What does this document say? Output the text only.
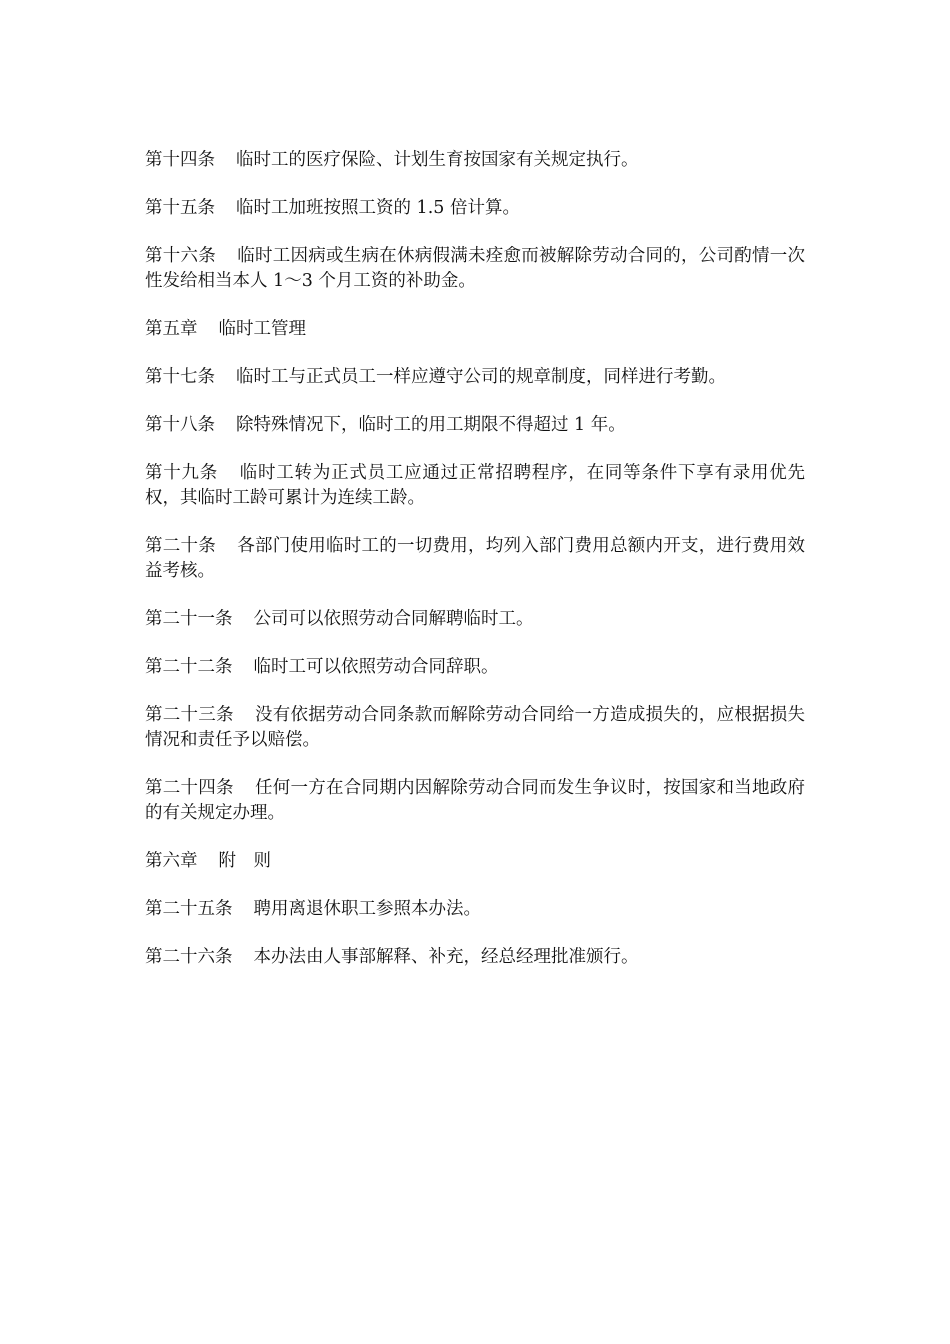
第十四条 临时工的医疗保险、计划生育按国家有关规定执行。

第十五条 临时工加班按照工资的 1.5 倍计算。

第十六条 临时工因病或生病在休病假满未痊愈而被解除劳动合同的，公司酌情一次性发给相当本人 1～3 个月工资的补助金。

第五章 临时工管理

第十七条 临时工与正式员工一样应遵守公司的规章制度，同样进行考勤。

第十八条 除特殊情况下，临时工的用工期限不得超过 1 年。

第十九条 临时工转为正式员工应通过正常招聘程序，在同等条件下享有录用优先权，其临时工龄可累计为连续工龄。

第二十条 各部门使用临时工的一切费用，均列入部门费用总额内开支，进行费用效益考核。

第二十一条 公司可以依照劳动合同解聘临时工。

第二十二条 临时工可以依照劳动合同辞职。

第二十三条 没有依据劳动合同条款而解除劳动合同给一方造成损失的，应根据损失情况和责任予以赔偿。

第二十四条 任何一方在合同期内因解除劳动合同而发生争议时，按国家和当地政府的有关规定办理。

第六章 附　则

第二十五条 聘用离退休职工参照本办法。

第二十六条 本办法由人事部解释、补充，经总经理批准颁行。
